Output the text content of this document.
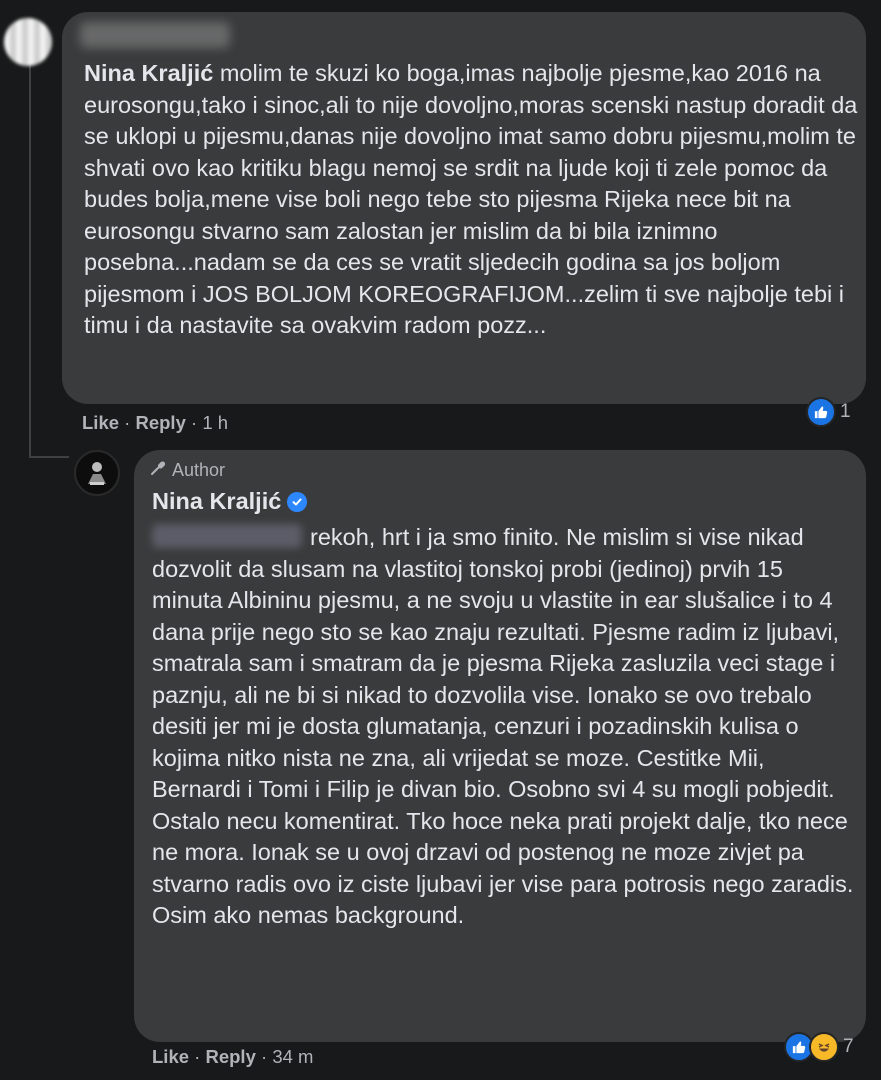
Nina Kraljić molim te skuzi ko boga,imas najbolje pjesme,kao 2016 na eurosongu,tako i sinoc,ali to nije dovoljno,moras scenski nastup doradit da se uklopi u pijesmu,danas nije dovoljno imat samo dobru pijesmu,molim te shvati ovo kao kritiku blagu nemoj se srdit na ljude koji ti zele pomoc da budes bolja,mene vise boli nego tebe sto pijesma Rijeka nece bit na eurosongu stvarno sam zalostan jer mislim da bi bila iznimno posebna...nadam se da ces se vratit sljedecih godina sa jos boljom pijesmom i JOS BOLJOM KOREOGRAFIJOM...zelim ti sve najbolje tebi i timu i da nastavite sa ovakvim radom pozz...
Like · Reply · 1 h
1
Author
Nina Kraljić
rekoh, hrt i ja smo finito. Ne mislim si vise nikad dozvolit da slusam na vlastitoj tonskoj probi (jedinoj) prvih 15 minuta Albininu pjesmu, a ne svoju u vlastite in ear slušalice i to 4 dana prije nego sto se kao znaju rezultati. Pjesme radim iz ljubavi, smatrala sam i smatram da je pjesma Rijeka zasluzila veci stage i paznju, ali ne bi si nikad to dozvolila vise. Ionako se ovo trebalo desiti jer mi je dosta glumatanja, cenzuri i pozadinskih kulisa o kojima nitko nista ne zna, ali vrijedat se moze. Cestitke Mii, Bernardi i Tomi i Filip je divan bio. Osobno svi 4 su mogli pobjedit. Ostalo necu komentirat. Tko hoce neka prati projekt dalje, tko nece ne mora. Ionak se u ovoj drzavi od postenog ne moze zivjet pa stvarno radis ovo iz ciste ljubavi jer vise para potrosis nego zaradis. Osim ako nemas background.
Like · Reply · 34 m	7
